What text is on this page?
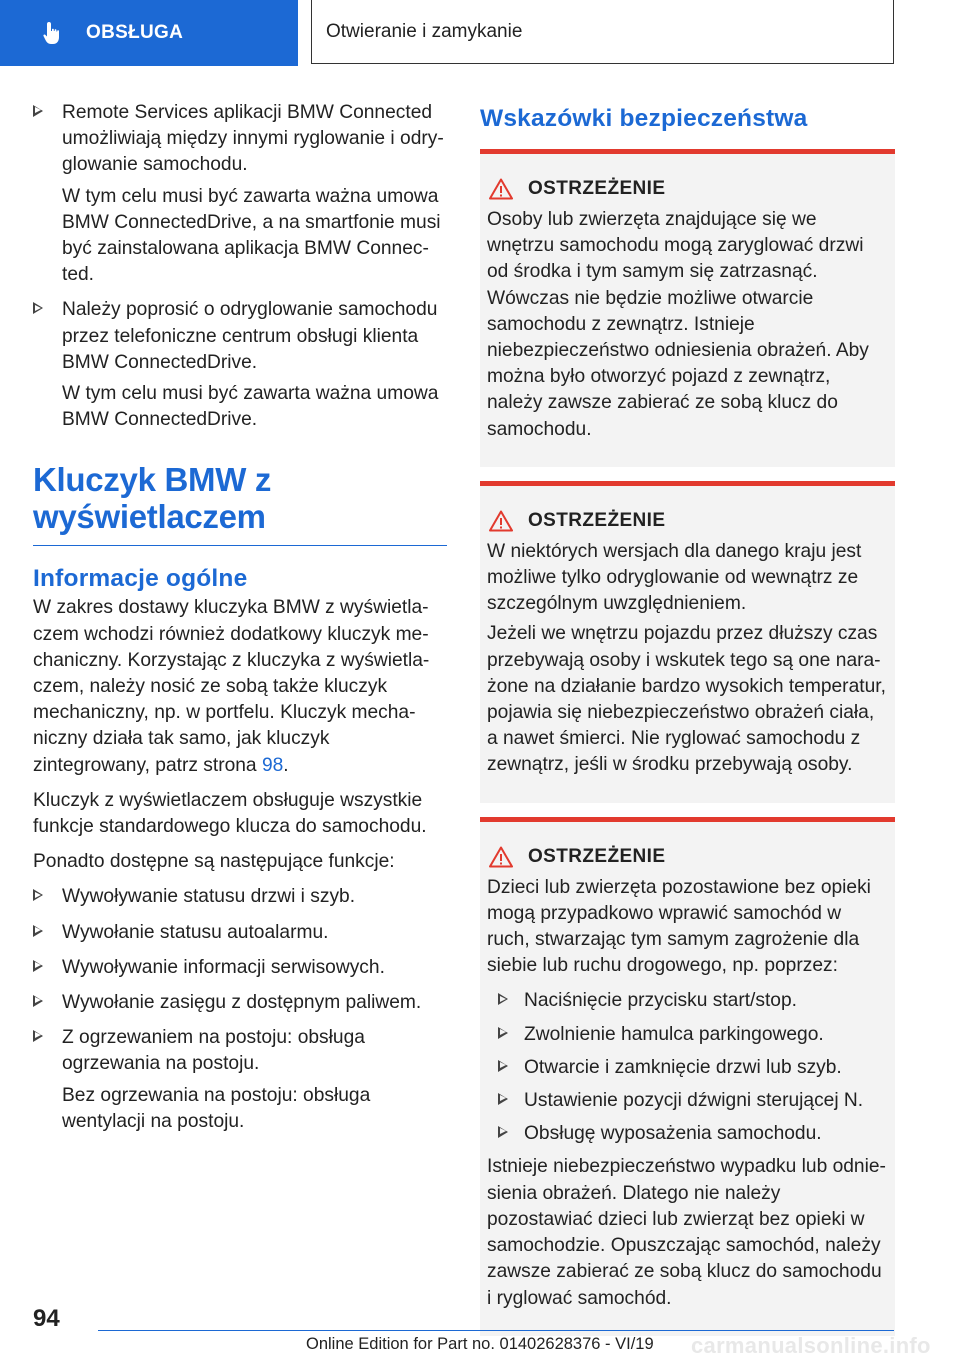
OBSŁUGA	Otwieranie i zamykanie

Remote Services aplikacji BMW Connected umożliwiają między innymi ryglowanie i odryglowanie samochodu.

W tym celu musi być zawarta ważna umowa BMW ConnectedDrive, a na smartfonie musi być zainstalowana aplikacja BMW Connected.

Należy poprosić o odryglowanie samochodu przez telefoniczne centrum obsługi klienta BMW ConnectedDrive.

W tym celu musi być zawarta ważna umowa BMW ConnectedDrive.

Kluczyk BMW z
wyświetlaczem
Informacje ogólne

W zakres dostawy kluczyka BMW z wyświetlaczem wchodzi również dodatkowy kluczyk mechaniczny. Korzystając z kluczyka z wyświetlaczem, należy nosić ze sobą także kluczyk mechaniczny, np. w portfelu. Kluczyk mechaniczny działa tak samo, jak kluczyk zintegrowany, patrz strona 98.

Kluczyk z wyświetlaczem obsługuje wszystkie funkcje standardowego klucza do samochodu.

Ponadto dostępne są następujące funkcje:

Wywoływanie statusu drzwi i szyb.

Wywołanie statusu autoalarmu.

Wywoływanie informacji serwisowych.

Wywołanie zasięgu z dostępnym paliwem.

Z ogrzewaniem na postoju: obsługa ogrzewania na postoju.

Bez ogrzewania na postoju: obsługa wentylacji na postoju.

Wskazówki bezpieczeństwa
OSTRZEŻENIE

Osoby lub zwierzęta znajdujące się we wnętrzu samochodu mogą zaryglować drzwi od środka i tym samym się zatrzasnąć. Wówczas nie będzie możliwe otwarcie samochodu z zewnątrz. Istnieje niebezpieczeństwo odniesienia obrażeń. Aby można było otworzyć pojazd z zewnątrz, należy zawsze zabierać ze sobą klucz do samochodu.

OSTRZEŻENIE

W niektórych wersjach dla danego kraju jest możliwe tylko odryglowanie od wewnątrz ze szczególnym uwzględnieniem.

Jeżeli we wnętrzu pojazdu przez dłuższy czas przebywają osoby i wskutek tego są one narażone na działanie bardzo wysokich temperatur, pojawia się niebezpieczeństwo obrażeń ciała, a nawet śmierci. Nie ryglować samochodu z zewnątrz, jeśli w środku przebywają osoby.

OSTRZEŻENIE

Dzieci lub zwierzęta pozostawione bez opieki mogą przypadkowo wprawić samochód w ruch, stwarzając tym samym zagrożenie dla siebie lub ruchu drogowego, np. poprzez:

Naciśnięcie przycisku start/stop.

Zwolnienie hamulca parkingowego.

Otwarcie i zamknięcie drzwi lub szyb.

Ustawienie pozycji dźwigni sterującej N.

Obsługę wyposażenia samochodu.

Istnieje niebezpieczeństwo wypadku lub odniesienia obrażeń. Dlatego nie należy pozostawiać dzieci lub zwierząt bez opieki w samochodzie. Opuszczając samochód, należy zawsze zabierać ze sobą klucz do samochodu i ryglować samochód.

94
Online Edition for Part no. 01402628376 - VI/19 carmanualsonline.info
